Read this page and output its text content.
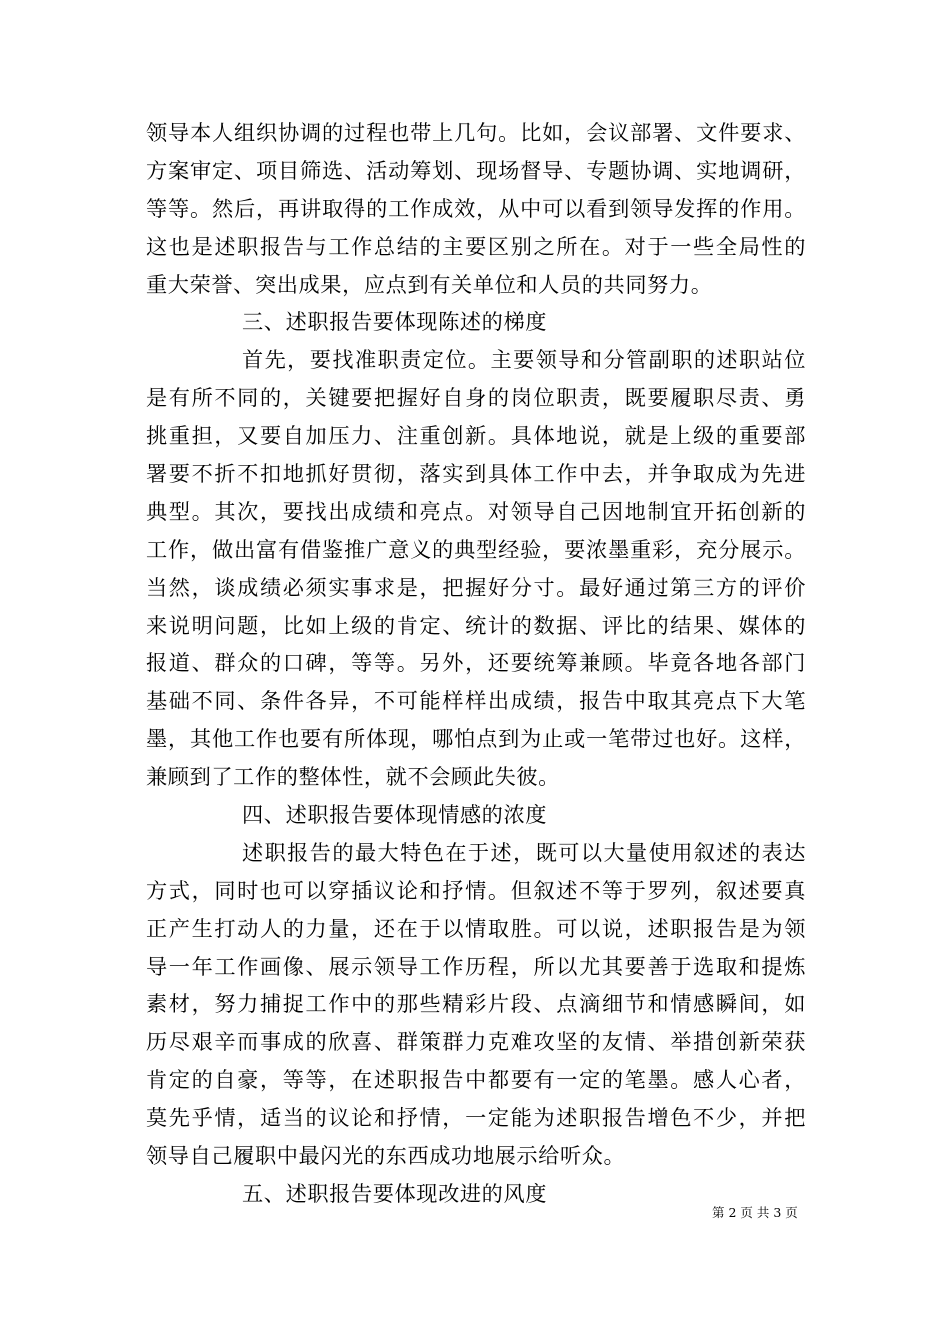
领导本人组织协调的过程也带上几句。比如，会议部署、文件要求、
方案审定、项目筛选、活动筹划、现场督导、专题协调、实地调研，
等等。然后，再讲取得的工作成效，从中可以看到领导发挥的作用。
这也是述职报告与工作总结的主要区别之所在。对于一些全局性的
重大荣誉、突出成果，应点到有关单位和人员的共同努力。
三、述职报告要体现陈述的梯度
首先，要找准职责定位。主要领导和分管副职的述职站位
是有所不同的，关键要把握好自身的岗位职责，既要履职尽责、勇
挑重担，又要自加压力、注重创新。具体地说，就是上级的重要部
署要不折不扣地抓好贯彻，落实到具体工作中去，并争取成为先进
典型。其次，要找出成绩和亮点。对领导自己因地制宜开拓创新的
工作，做出富有借鉴推广意义的典型经验，要浓墨重彩，充分展示。
当然，谈成绩必须实事求是，把握好分寸。最好通过第三方的评价
来说明问题，比如上级的肯定、统计的数据、评比的结果、媒体的
报道、群众的口碑，等等。另外，还要统筹兼顾。毕竟各地各部门
基础不同、条件各异，不可能样样出成绩，报告中取其亮点下大笔
墨，其他工作也要有所体现，哪怕点到为止或一笔带过也好。这样，
兼顾到了工作的整体性，就不会顾此失彼。
四、述职报告要体现情感的浓度
述职报告的最大特色在于述，既可以大量使用叙述的表达
方式，同时也可以穿插议论和抒情。但叙述不等于罗列，叙述要真
正产生打动人的力量，还在于以情取胜。可以说，述职报告是为领
导一年工作画像、展示领导工作历程，所以尤其要善于选取和提炼
素材，努力捕捉工作中的那些精彩片段、点滴细节和情感瞬间，如
历尽艰辛而事成的欣喜、群策群力克难攻坚的友情、举措创新荣获
肯定的自豪，等等，在述职报告中都要有一定的笔墨。感人心者，
莫先乎情，适当的议论和抒情，一定能为述职报告增色不少，并把
领导自己履职中最闪光的东西成功地展示给听众。
五、述职报告要体现改进的风度
第 2 页 共 3 页
